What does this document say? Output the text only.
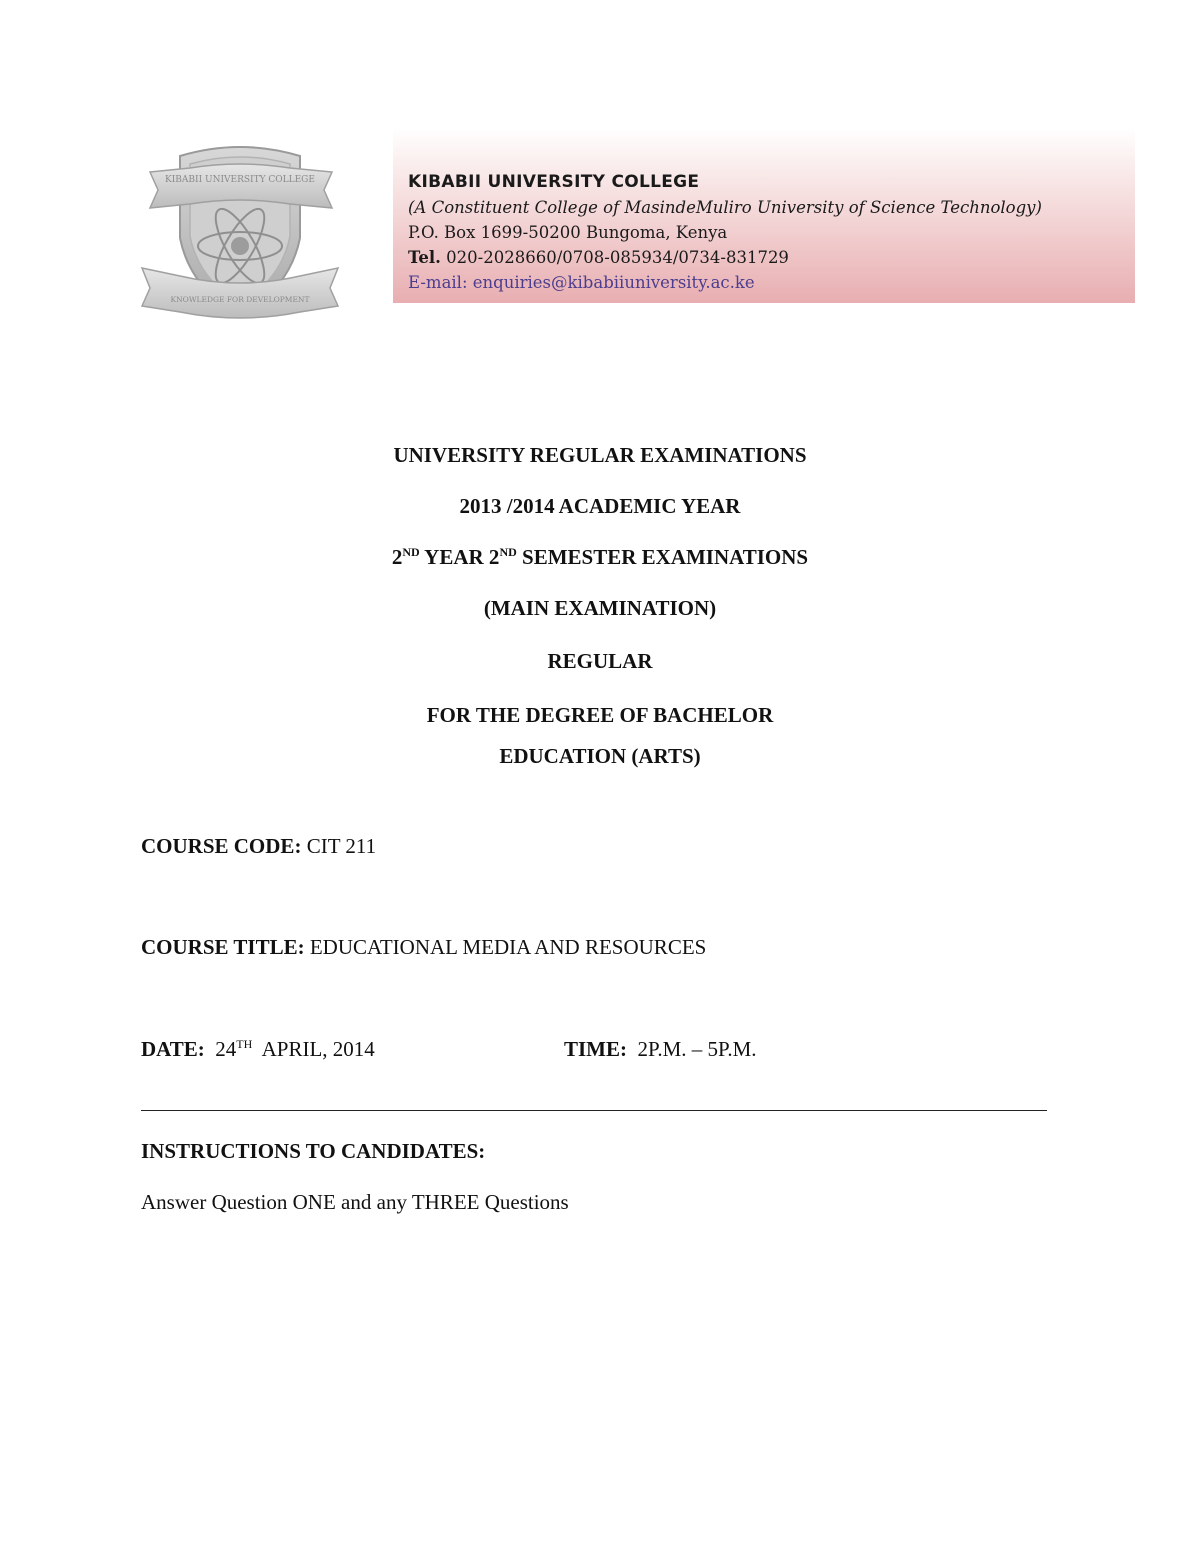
KIBABII UNIVERSITY COLLEGE
KNOWLEDGE FOR DEVELOPMENT
KIBABII UNIVERSITY COLLEGE
(A Constituent College of MasindeMuliro University of Science Technology)
P.O. Box 1699-50200 Bungoma, Kenya
Tel. 020-2028660/0708-085934/0734-831729
E-mail: enquiries@kibabiiuniversity.ac.ke
UNIVERSITY REGULAR EXAMINATIONS
2013 /2014 ACADEMIC YEAR
2ND YEAR 2ND SEMESTER EXAMINATIONS
(MAIN EXAMINATION)
REGULAR
FOR THE DEGREE OF BACHELOR
EDUCATION (ARTS)
COURSE CODE: CIT 211
COURSE TITLE: EDUCATIONAL MEDIA AND RESOURCES
DATE:  24TH  APRIL, 2014	TIME:  2P.M. – 5P.M.
INSTRUCTIONS TO CANDIDATES:
Answer Question ONE and any THREE Questions
